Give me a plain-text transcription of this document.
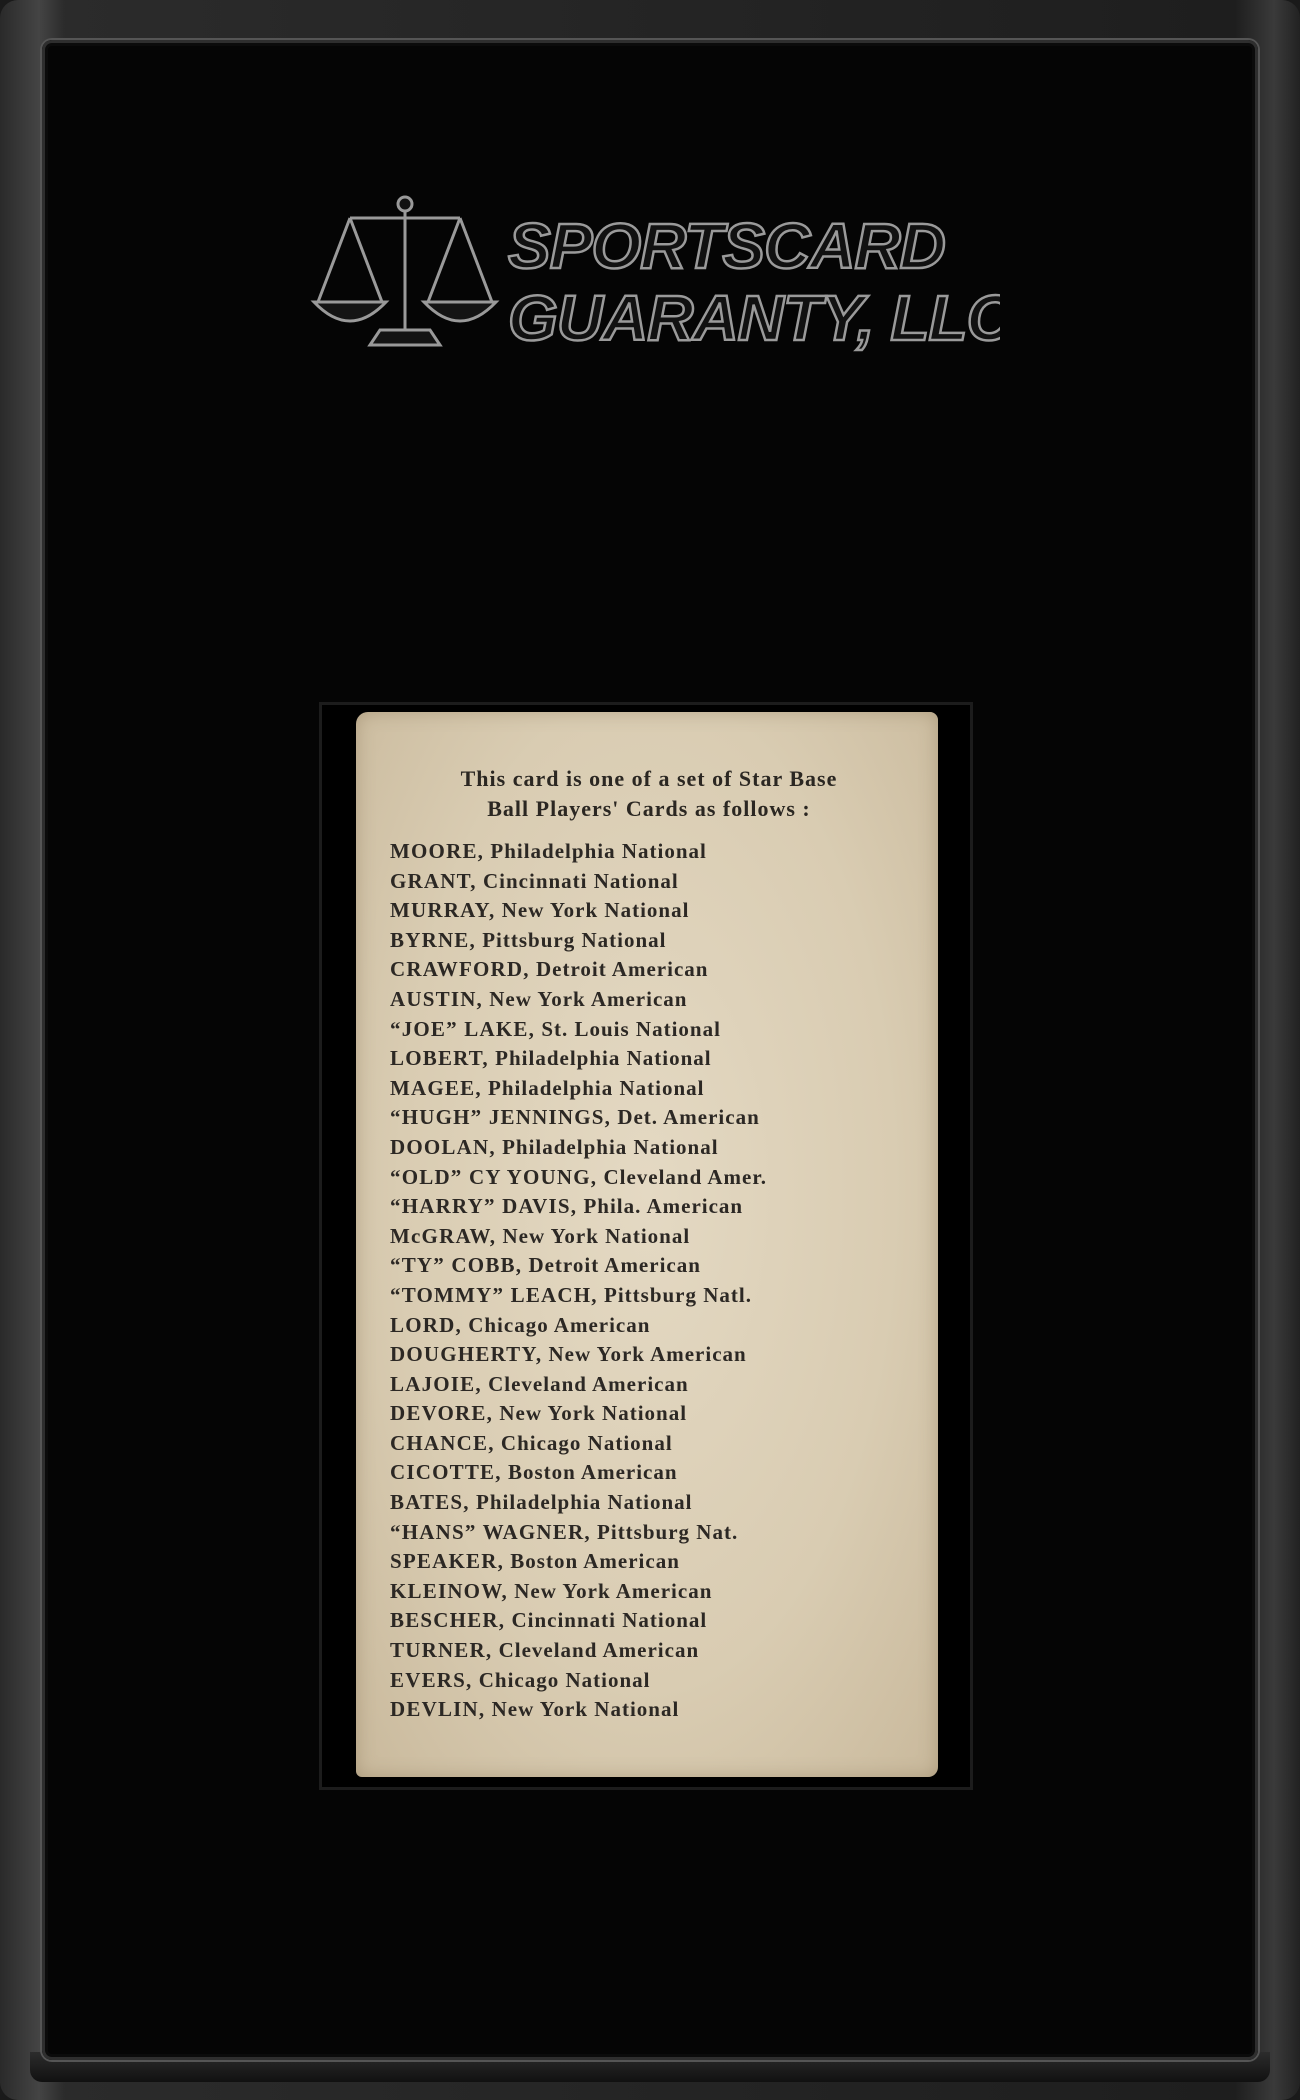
SPORTSCARD
GUARANTY, LLC
This card is one of a set of Star Base
Ball Players' Cards as follows :
MOORE, Philadelphia National
GRANT, Cincinnati National
MURRAY, New York National
BYRNE, Pittsburg National
CRAWFORD, Detroit American
AUSTIN, New York American
“JOE” LAKE, St. Louis National
LOBERT, Philadelphia National
MAGEE, Philadelphia National
“HUGH” JENNINGS, Det. American
DOOLAN, Philadelphia National
“OLD” CY YOUNG, Cleveland Amer.
“HARRY” DAVIS, Phila. American
McGRAW, New York National
“TY” COBB, Detroit American
“TOMMY” LEACH, Pittsburg Natl.
LORD, Chicago American
DOUGHERTY, New York American
LAJOIE, Cleveland American
DEVORE, New York National
CHANCE, Chicago National
CICOTTE, Boston American
BATES, Philadelphia National
“HANS” WAGNER, Pittsburg Nat.
SPEAKER, Boston American
KLEINOW, New York American
BESCHER, Cincinnati National
TURNER, Cleveland American
EVERS, Chicago National
DEVLIN, New York National
